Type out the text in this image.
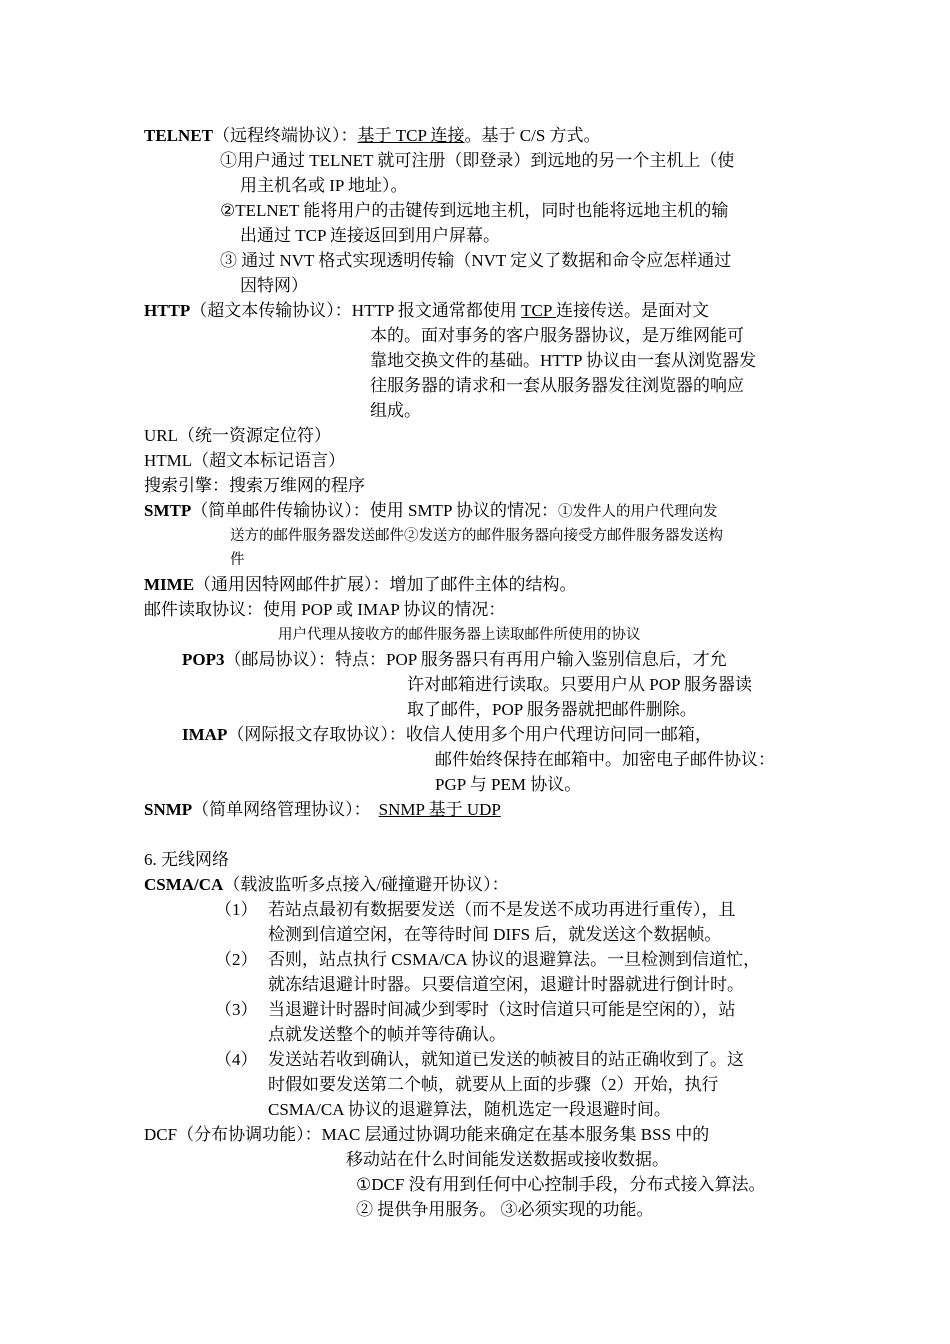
TELNET（远程终端协议）：基于 TCP 连接。基于 C/S 方式。
①用户通过 TELNET 就可注册（即登录）到远地的另一个主机上（使
用主机名或 IP 地址）。
②TELNET 能将用户的击键传到远地主机，同时也能将远地主机的输
出通过 TCP 连接返回到用户屏幕。
③ 通过 NVT 格式实现透明传输（NVT 定义了数据和命令应怎样通过
因特网）
HTTP（超文本传输协议）：HTTP 报文通常都使用 TCP 连接传送。是面对文
本的。面对事务的客户服务器协议，是万维网能可
靠地交换文件的基础。HTTP 协议由一套从浏览器发
往服务器的请求和一套从服务器发往浏览器的响应
组成。
URL（统一资源定位符）
HTML（超文本标记语言）
搜索引擎：搜索万维网的程序
SMTP（简单邮件传输协议）：使用 SMTP 协议的情况：①发件人的用户代理向发
送方的邮件服务器发送邮件②发送方的邮件服务器向接受方邮件服务器发送构
件
MIME（通用因特网邮件扩展）：增加了邮件主体的结构。
邮件读取协议：使用 POP 或 IMAP 协议的情况：
用户代理从接收方的邮件服务器上读取邮件所使用的协议
POP3（邮局协议）：特点：POP 服务器只有再用户输入鉴别信息后，才允
许对邮箱进行读取。只要用户从 POP 服务器读
取了邮件，POP 服务器就把邮件删除。
IMAP（网际报文存取协议）：收信人使用多个用户代理访问同一邮箱，
邮件始终保持在邮箱中。加密电子邮件协议：
PGP 与 PEM 协议。
SNMP（简单网络管理协议）： SNMP 基于 UDP
6. 无线网络
CSMA/CA（载波监听多点接入/碰撞避开协议）：
（1） 若站点最初有数据要发送（而不是发送不成功再进行重传），且
检测到信道空闲，在等待时间 DIFS 后，就发送这个数据帧。
（2） 否则，站点执行 CSMA/CA 协议的退避算法。一旦检测到信道忙，
就冻结退避计时器。只要信道空闲，退避计时器就进行倒计时。
（3） 当退避计时器时间减少到零时（这时信道只可能是空闲的），站
点就发送整个的帧并等待确认。
（4） 发送站若收到确认，就知道已发送的帧被目的站正确收到了。这
时假如要发送第二个帧，就要从上面的步骤（2）开始，执行
CSMA/CA 协议的退避算法，随机选定一段退避时间。
DCF（分布协调功能）：MAC 层通过协调功能来确定在基本服务集 BSS 中的
移动站在什么时间能发送数据或接收数据。
①DCF 没有用到任何中心控制手段，分布式接入算法。
② 提供争用服务。 ③必须实现的功能。
